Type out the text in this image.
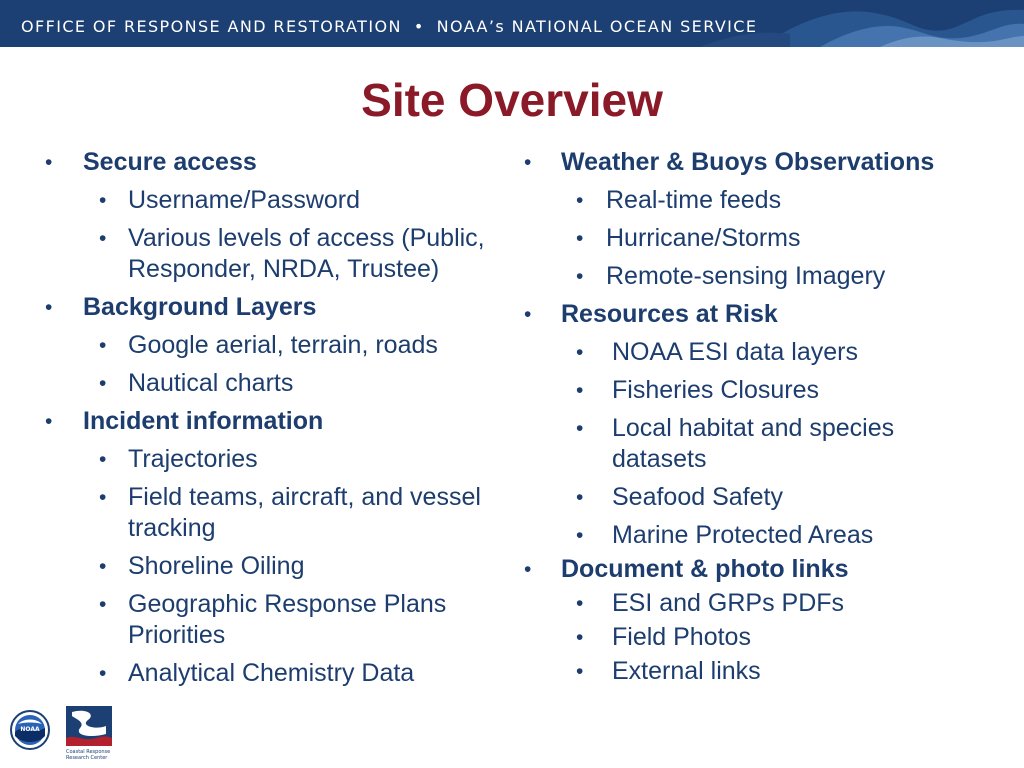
OFFICE OF RESPONSE AND RESTORATION • NOAA’s NATIONAL OCEAN SERVICE
Site Overview
• Secure access
• Username/Password
• Various levels of access (Public, Responder, NRDA, Trustee)
• Background Layers
• Google aerial, terrain, roads
• Nautical charts
• Incident information
• Trajectories
• Field teams, aircraft, and vessel tracking
• Shoreline Oiling
• Geographic Response Plans Priorities
• Analytical Chemistry Data
• Weather & Buoys Observations
• Real-time feeds
• Hurricane/Storms
• Remote-sensing Imagery
• Resources at Risk
• NOAA ESI data layers
• Fisheries Closures
• Local habitat and species datasets
• Seafood Safety
• Marine Protected Areas
• Document & photo links
• ESI and GRPs PDFs
• Field Photos
• External links
NOAA
Coastal Response
Research Center
